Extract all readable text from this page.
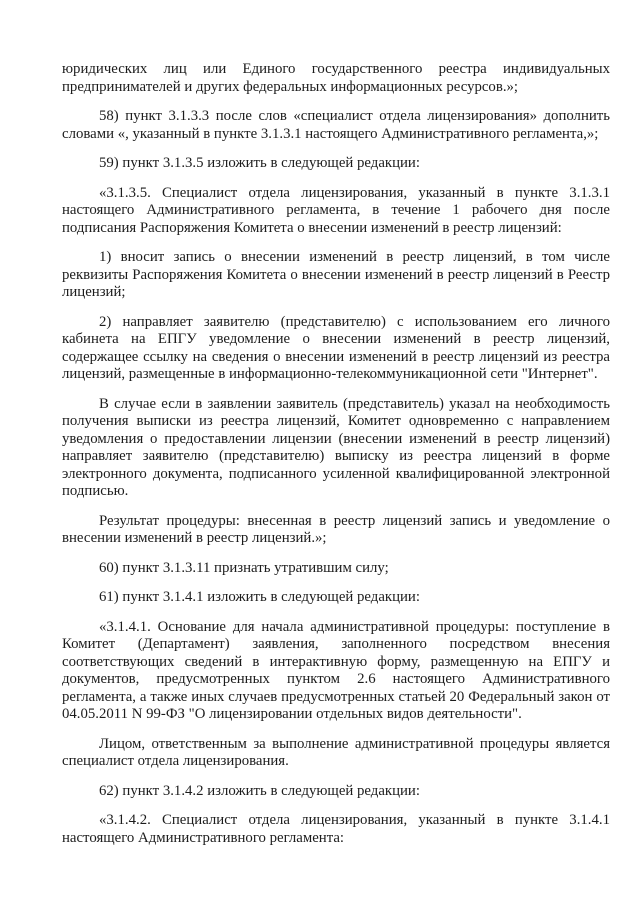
юридических лиц или Единого государственного реестра индивидуальных предпринимателей и других федеральных информационных ресурсов.»;

58) пункт 3.1.3.3 после слов «специалист отдела лицензирования» дополнить словами «, указанный в пункте 3.1.3.1 настоящего Административного регламента,»;

59) пункт 3.1.3.5 изложить в следующей редакции:

«3.1.3.5. Специалист отдела лицензирования, указанный в пункте 3.1.3.1 настоящего Административного регламента, в течение 1 рабочего дня после подписания Распоряжения Комитета о внесении изменений в реестр лицензий:

1) вносит запись о внесении изменений в реестр лицензий, в том числе реквизиты Распоряжения Комитета о внесении изменений в реестр лицензий в Реестр лицензий;

2) направляет заявителю (представителю) с использованием его личного кабинета на ЕПГУ уведомление о внесении изменений в реестр лицензий, содержащее ссылку на сведения о внесении изменений в реестр лицензий из реестра лицензий, размещенные в информационно-телекоммуникационной сети "Интернет".

В случае если в заявлении заявитель (представитель) указал на необходимость получения выписки из реестра лицензий, Комитет одновременно с направлением уведомления о предоставлении лицензии (внесении изменений в реестр лицензий) направляет заявителю (представителю) выписку из реестра лицензий в форме электронного документа, подписанного усиленной квалифицированной электронной подписью.

Результат процедуры: внесенная в реестр лицензий запись и уведомление о внесении изменений в реестр лицензий.»;

60) пункт 3.1.3.11 признать утратившим силу;

61) пункт 3.1.4.1 изложить в следующей редакции:

«3.1.4.1. Основание для начала административной процедуры: поступление в Комитет (Департамент) заявления, заполненного посредством внесения соответствующих сведений в интерактивную форму, размещенную на ЕПГУ и документов, предусмотренных пунктом 2.6 настоящего Административного регламента, а также иных случаев предусмотренных статьей 20 Федеральный закон от 04.05.2011 N 99-ФЗ "О лицензировании отдельных видов деятельности".

Лицом, ответственным за выполнение административной процедуры является специалист отдела лицензирования.

62) пункт 3.1.4.2 изложить в следующей редакции:

«3.1.4.2. Специалист отдела лицензирования, указанный в пункте 3.1.4.1 настоящего Административного регламента:
